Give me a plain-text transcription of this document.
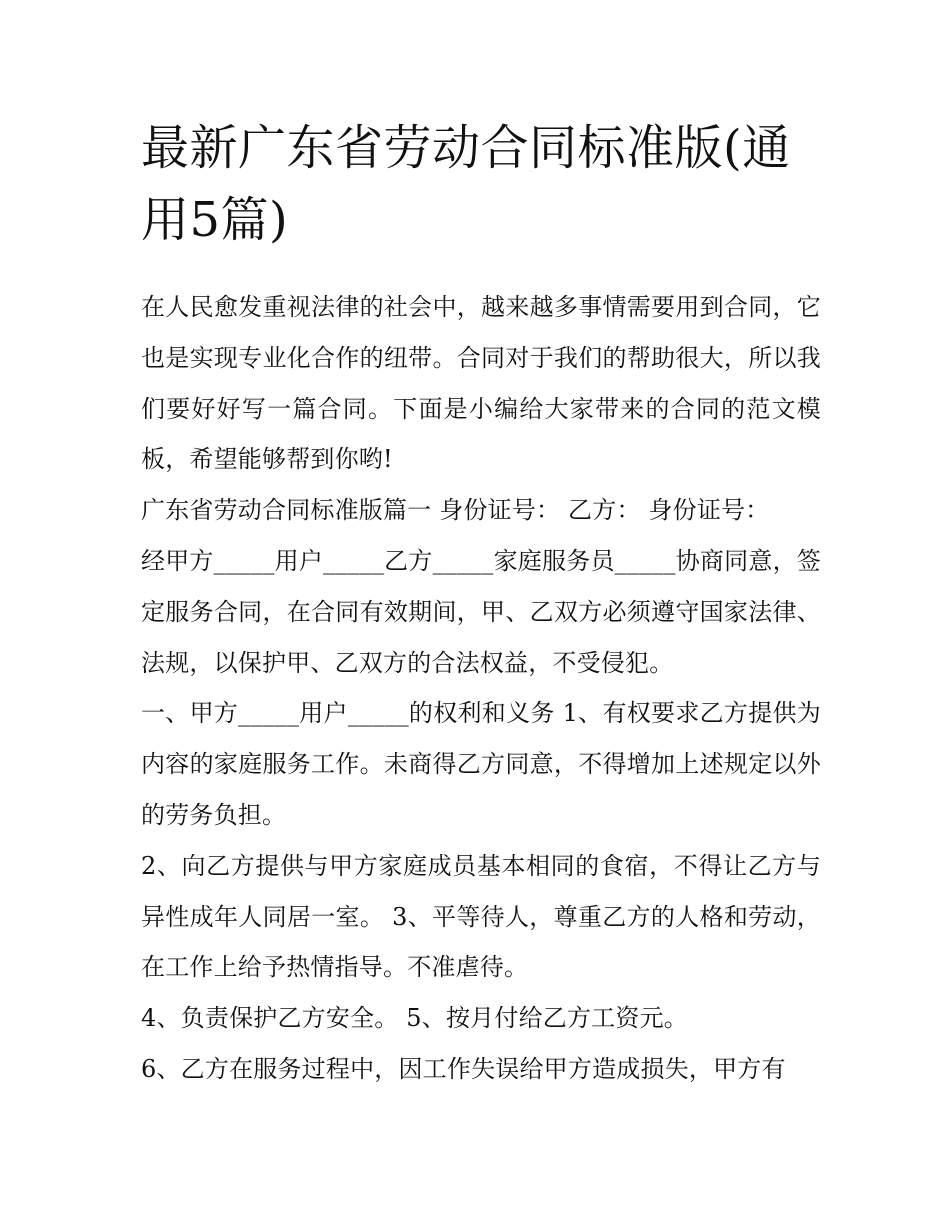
最新广东省劳动合同标准版(通用5篇)

在人民愈发重视法律的社会中，越来越多事情需要用到合同，它也是实现专业化合作的纽带。合同对于我们的帮助很大，所以我们要好好写一篇合同。下面是小编给大家带来的合同的范文模板，希望能够帮到你哟!

广东省劳动合同标准版篇一 身份证号： 乙方： 身份证号：

经甲方_____用户_____乙方_____家庭服务员_____协商同意，签定服务合同，在合同有效期间，甲、乙双方必须遵守国家法律、法规，以保护甲、乙双方的合法权益，不受侵犯。

一、甲方_____用户_____的权利和义务 1、有权要求乙方提供为内容的家庭服务工作。未商得乙方同意，不得增加上述规定以外的劳务负担。

2、向乙方提供与甲方家庭成员基本相同的食宿，不得让乙方与异性成年人同居一室。 3、平等待人，尊重乙方的人格和劳动，在工作上给予热情指导。不准虐待。

4、负责保护乙方安全。 5、按月付给乙方工资元。

6、乙方在服务过程中，因工作失误给甲方造成损失，甲方有
